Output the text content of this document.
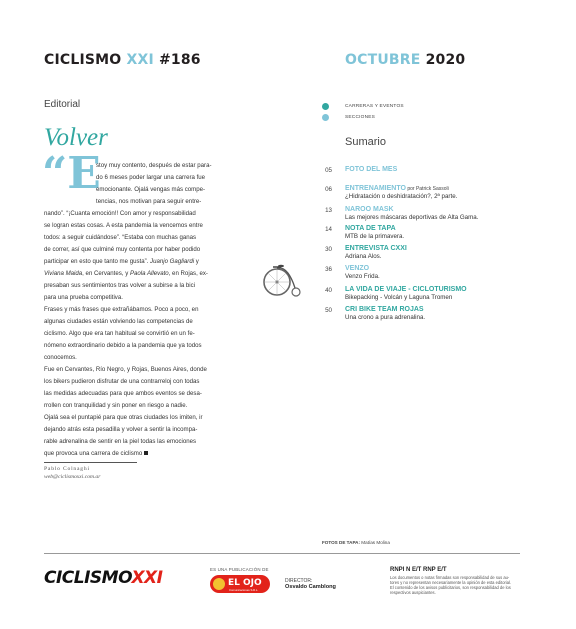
CICLISMO XXI #186	OCTUBRE 2020
Editorial
Volver
“E
stoy muy contento, después de estar para-
do 6 meses poder largar una carrera fue
emocionante. Ojalá vengas más compe-
tencias, nos motivan para seguir entre-
nando”. “¡Cuanta emoción!! Con amor y responsabilidad
se logran estas cosas. A esta pandemia la vencemos entre
todos: a seguir cuidándose”. “Estaba con muchas ganas
de correr, así que culminé muy contenta por haber podido
participar en esto que tanto me gusta”. Juanjo Gagliardi y
Viviana Maida, en Cervantes, y Paola Allevato, en Rojas, ex-
presaban sus sentimientos tras volver a subirse a la bici
para una prueba competitiva.
Frases y más frases que extrañábamos. Poco a poco, en
algunas ciudades están volviendo las competencias de
ciclismo. Algo que era tan habitual se convirtió en un fe-
nómeno extraordinario debido a la pandemia que ya todos
conocemos.
Fue en Cervantes, Río Negro, y Rojas, Buenos Aires, donde
los bikers pudieron disfrutar de una contrarreloj con todas
las medidas adecuadas para que ambos eventos se desa-
rrollen con tranquilidad y sin poner en riesgo a nadie.
Ojalá sea el puntapié para que otras ciudades los imiten, ir
dejando atrás esta pesadilla y volver a sentir la incompa-
rable adrenalina de sentir en la piel todas las emociones
que provoca una carrera de ciclismo
Pablo Colnaghi
web@ciclismoxxi.com.ar
CARRERAS Y EVENTOS
SECCIONES
Sumario
05 FOTO DEL MES
06 ENTRENAMIENTO por Patrick Sassoli
¿Hidratación o deshidratación?, 2ª parte.
13 NAROO MASK
Las mejores máscaras deportivas de Alta Gama.
14 NOTA DE TAPA
MTB de la primavera.
30 ENTREVISTA CXXI
Adriana Alos.
36 VENZO
Venzo Frida.
40 LA VIDA DE VIAJE - CICLOTURISMO
Bikepacking - Volcán y Laguna Tromen
50 CRI BIKE TEAM ROJAS
Una crono a pura adrenalina.
FOTOS DE TAPA: Matías Molina
CICLISMOXXI	ES UNA PUBLICACIÓN DE
EL OJO
Comunicaciones S.R.L.
DIRECTOR:
Osvaldo Camblong
RNPI N E/T RNP E/T
Los documentos o notas firmadas son responsabilidad de sus au-
tores y no representan necesariamente la opinión de esta editorial.
El contenido de los avisos publicitarios, son responsabilidad de los
respectivos auspiciantes.
